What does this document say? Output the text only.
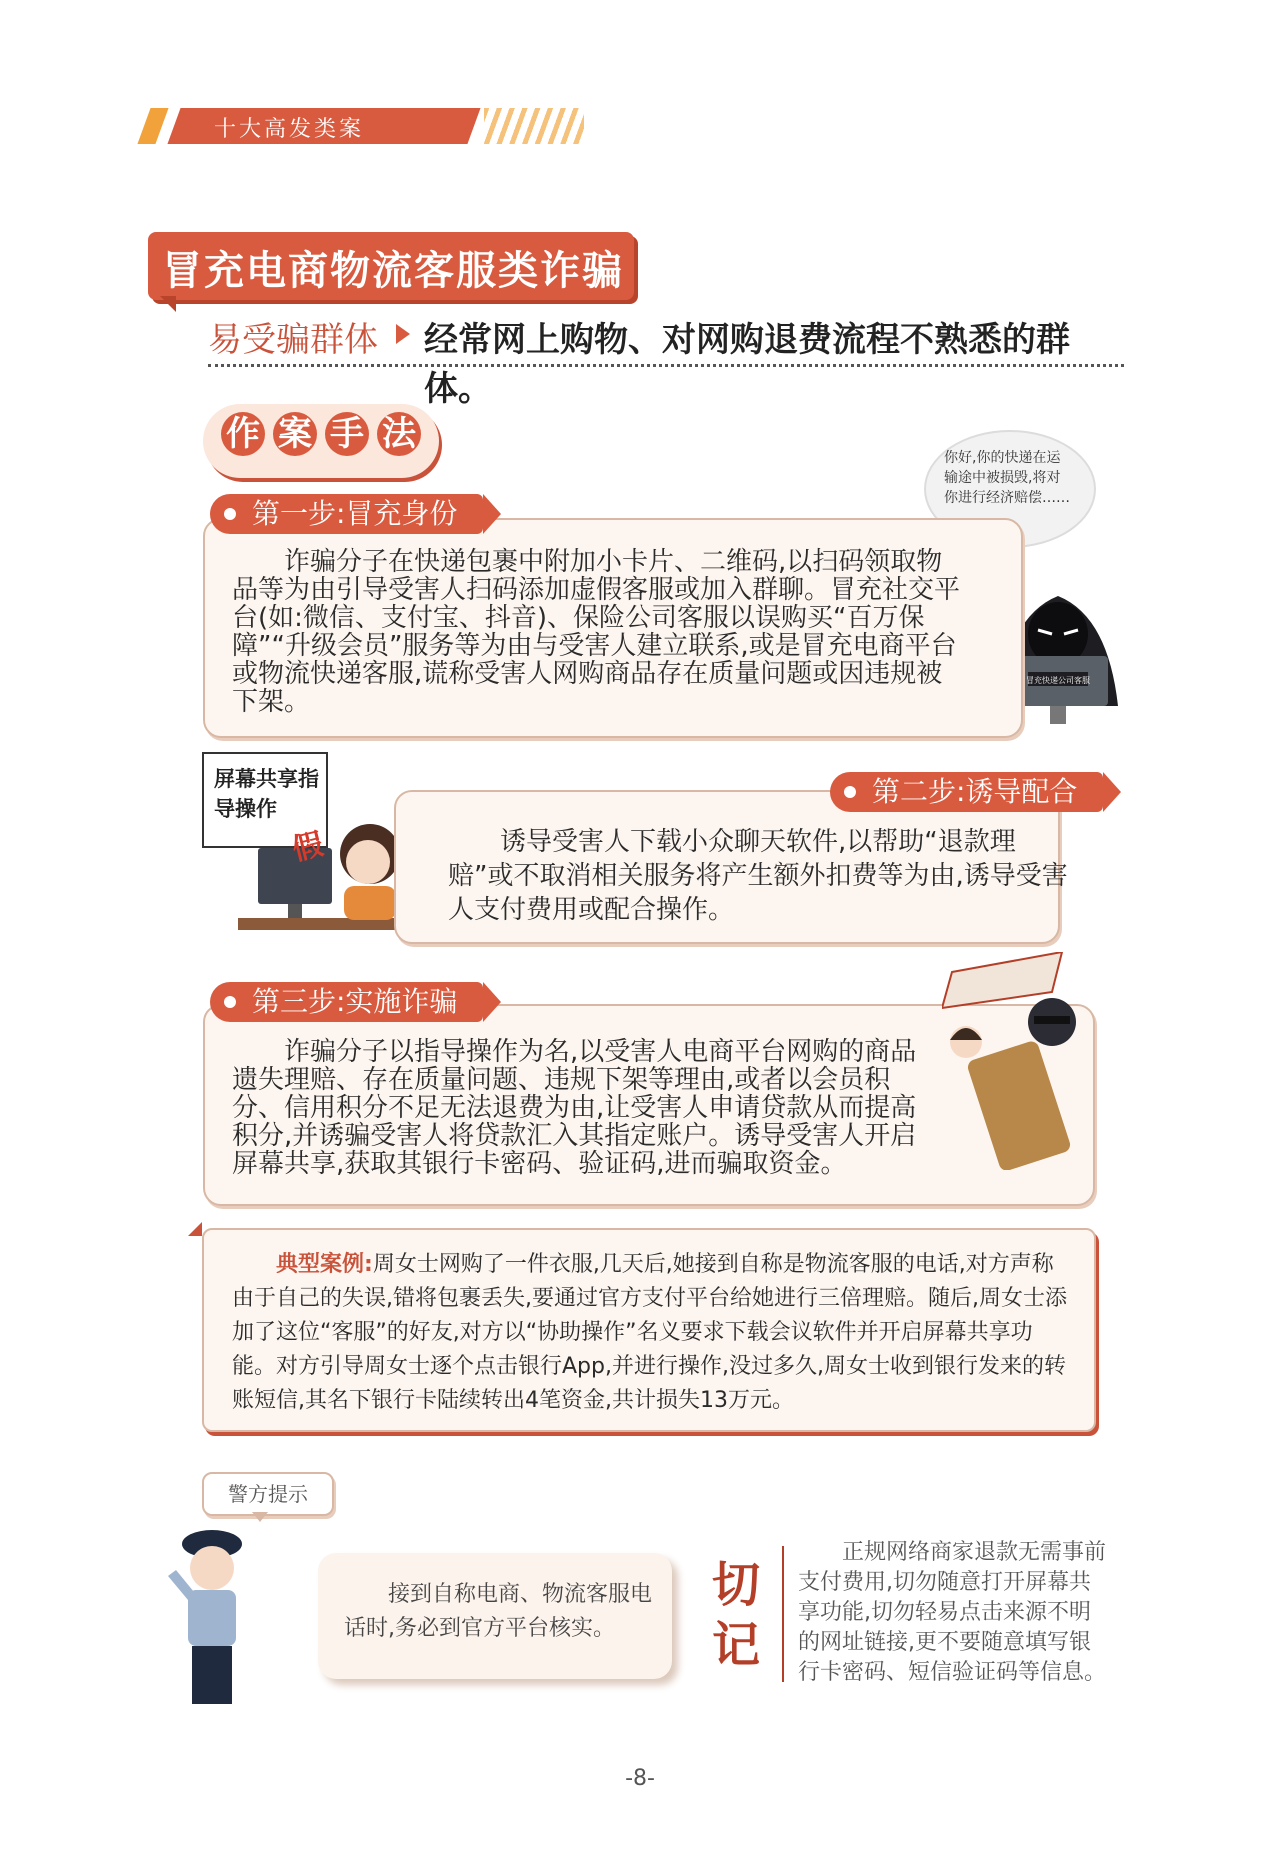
十大高发类案
冒充电商物流客服类诈骗
易受骗群体 经常网上购物、对网购退费流程不熟悉的群体。
作 案 手 法
你好,你的快递在运输途中被损毁,将对你进行经济赔偿……
冒充快递公司客服
第一步:冒充身份
诈骗分子在快递包裹中附加小卡片、二维码,以扫码领取物品等为由引导受害人扫码添加虚假客服或加入群聊。冒充社交平台(如:微信、支付宝、抖音)、保险公司客服以误购买“百万保障”“升级会员”服务等为由与受害人建立联系,或是冒充电商平台或物流快递客服,谎称受害人网购商品存在质量问题或因违规被下架。
屏幕共享指导操作
假
第二步:诱导配合
诱导受害人下载小众聊天软件,以帮助“退款理赔”或不取消相关服务将产生额外扣费等为由,诱导受害人支付费用或配合操作。
第三步:实施诈骗
诈骗分子以指导操作为名,以受害人电商平台网购的商品遗失理赔、存在质量问题、违规下架等理由,或者以会员积分、信用积分不足无法退费为由,让受害人申请贷款从而提高积分,并诱骗受害人将贷款汇入其指定账户。诱导受害人开启屏幕共享,获取其银行卡密码、验证码,进而骗取资金。
典型案例:周女士网购了一件衣服,几天后,她接到自称是物流客服的电话,对方声称由于自己的失误,错将包裹丢失,要通过官方支付平台给她进行三倍理赔。随后,周女士添加了这位“客服”的好友,对方以“协助操作”名义要求下载会议软件并开启屏幕共享功能。对方引导周女士逐个点击银行App,并进行操作,没过多久,周女士收到银行发来的转账短信,其名下银行卡陆续转出4笔资金,共计损失13万元。
警方提示
接到自称电商、物流客服电话时,务必到官方平台核实。
切记
正规网络商家退款无需事前支付费用,切勿随意打开屏幕共享功能,切勿轻易点击来源不明的网址链接,更不要随意填写银行卡密码、短信验证码等信息。
-8-
